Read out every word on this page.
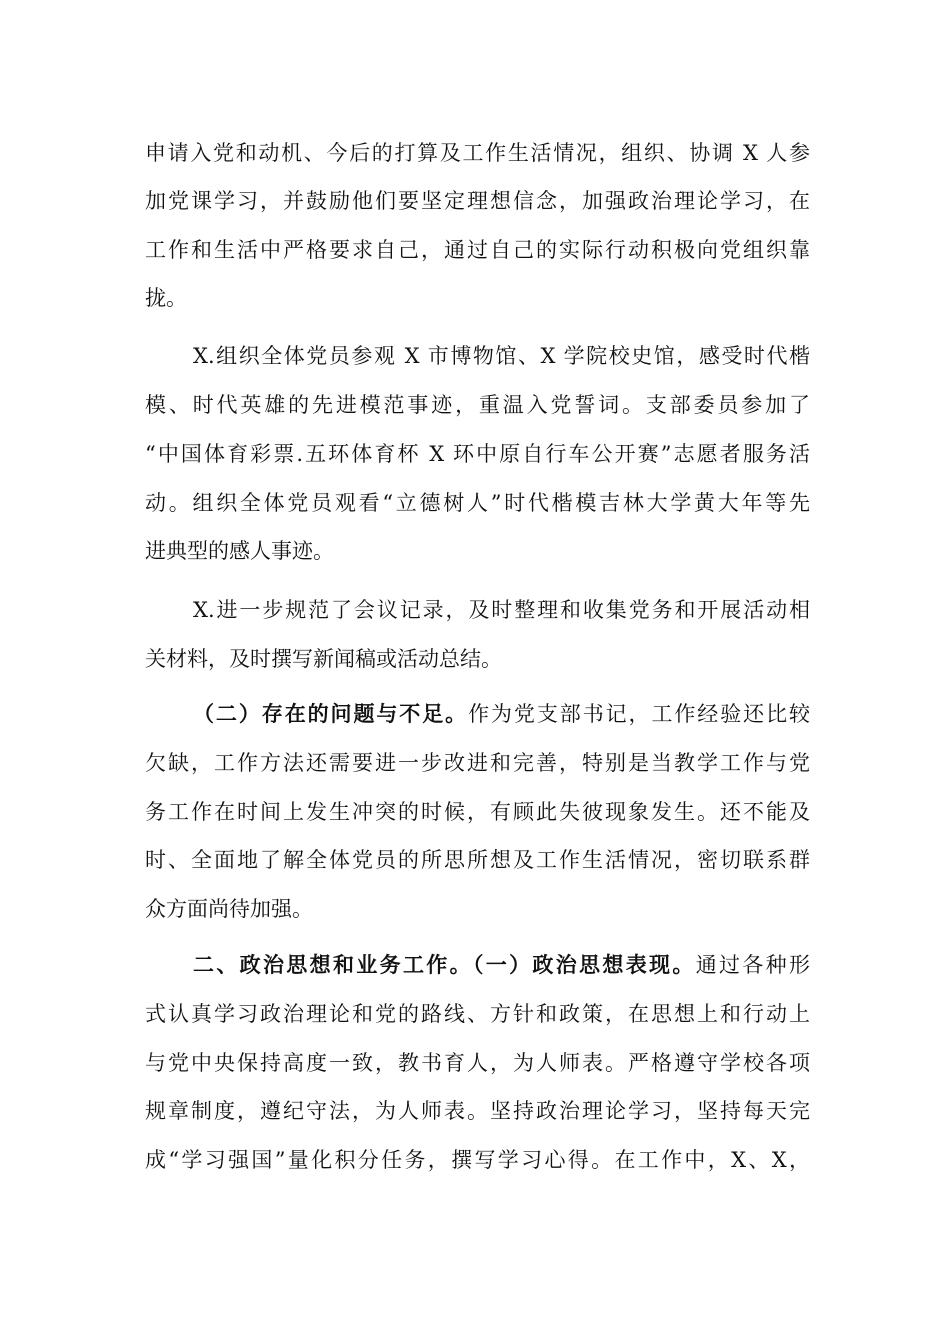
申请入党和动机、今后的打算及工作生活情况，组织、协调 X 人参
加党课学习，并鼓励他们要坚定理想信念，加强政治理论学习，在
工作和生活中严格要求自己，通过自己的实际行动积极向党组织靠
拢。
X.组织全体党员参观 X 市博物馆、X 学院校史馆，感受时代楷
模、时代英雄的先进模范事迹，重温入党誓词。支部委员参加了
“中国体育彩票.五环体育杯 X 环中原自行车公开赛”志愿者服务活
动。组织全体党员观看“立德树人”时代楷模吉林大学黄大年等先
进典型的感人事迹。
X.进一步规范了会议记录，及时整理和收集党务和开展活动相
关材料，及时撰写新闻稿或活动总结。
（二）存在的问题与不足。作为党支部书记，工作经验还比较
欠缺，工作方法还需要进一步改进和完善，特别是当教学工作与党
务工作在时间上发生冲突的时候，有顾此失彼现象发生。还不能及
时、全面地了解全体党员的所思所想及工作生活情况，密切联系群
众方面尚待加强。
二、政治思想和业务工作。（一）政治思想表现。通过各种形
式认真学习政治理论和党的路线、方针和政策，在思想上和行动上
与党中央保持高度一致，教书育人，为人师表。严格遵守学校各项
规章制度，遵纪守法，为人师表。坚持政治理论学习，坚持每天完
成“学习强国”量化积分任务，撰写学习心得。在工作中，X、X，
